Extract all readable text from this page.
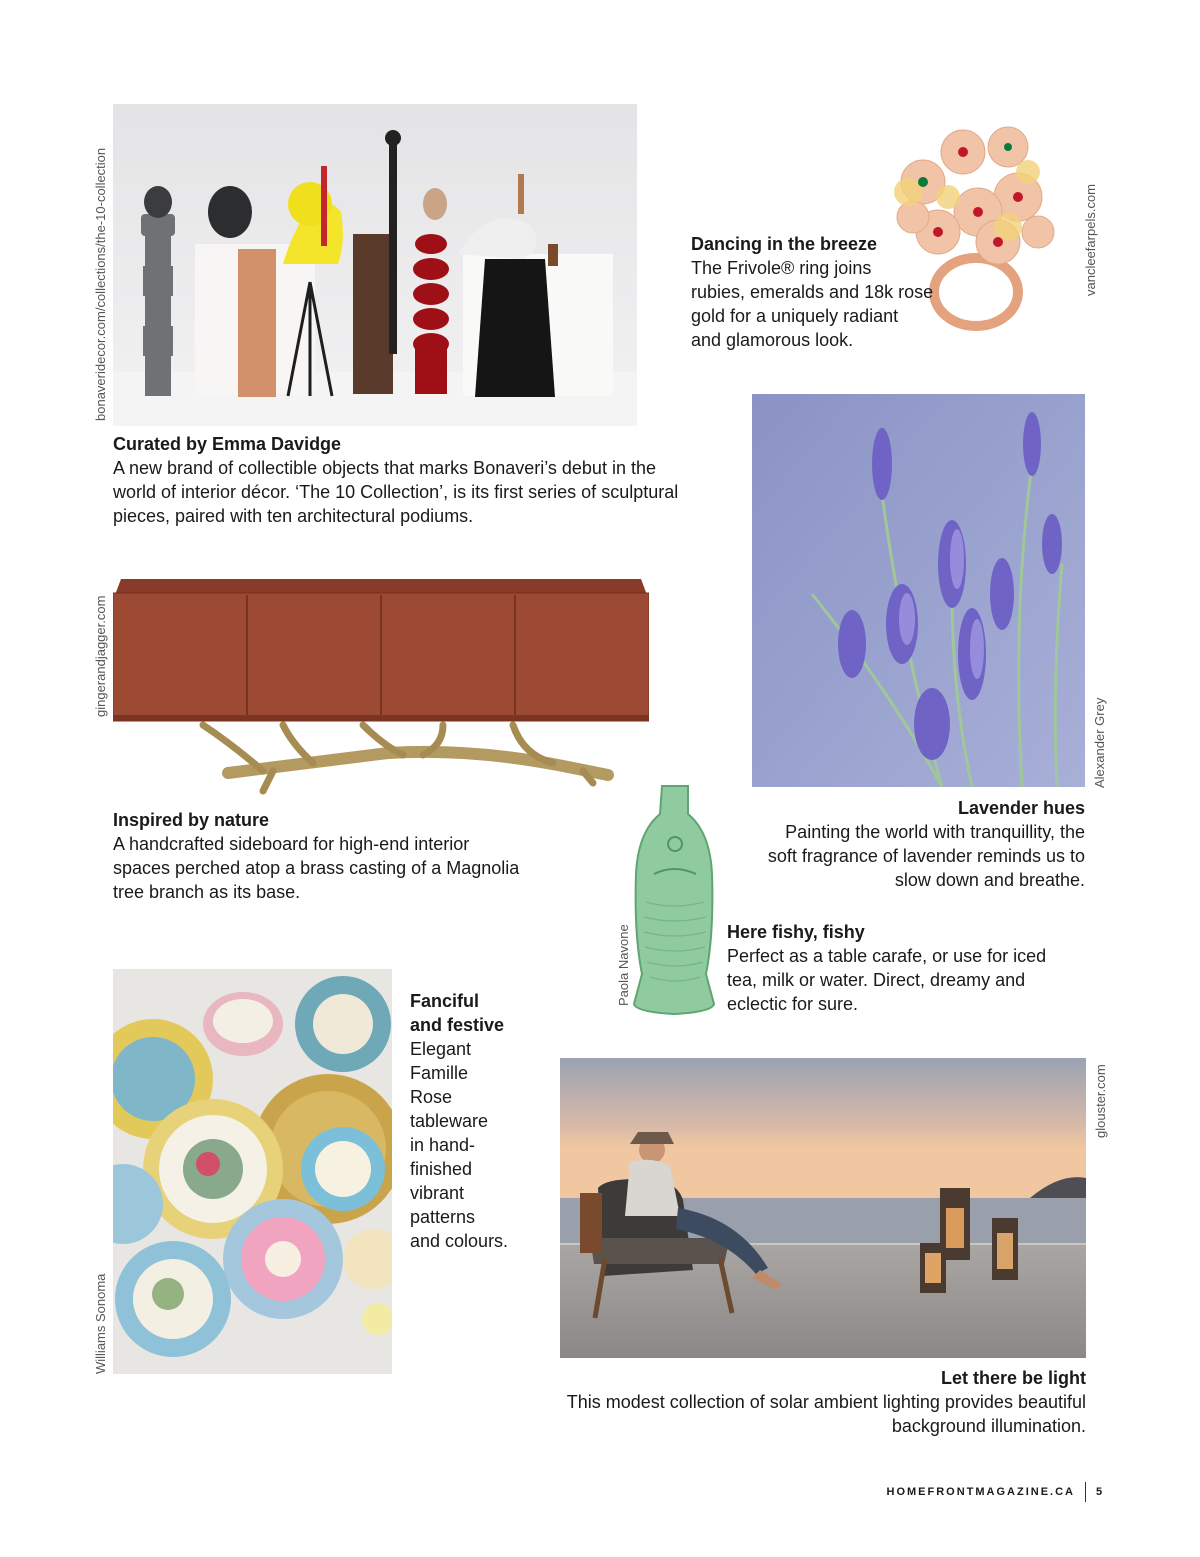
bonaveridecor.com/collections/the-10-collection
Curated by Emma Davidge
A new brand of collectible objects that marks Bonaveri’s debut in the
world of interior décor. ‘The 10 Collection’, is its first series of sculptural
pieces, paired with ten architectural podiums.
vancleefarpels.com
Dancing in the breeze
The Frivole® ring joins
rubies, emeralds and 18k rose
gold for a uniquely radiant
and glamorous look.
gingerandjagger.com
Inspired by nature
A handcrafted sideboard for high-end interior
spaces perched atop a brass casting of a Magnolia
tree branch as its base.
Alexander Grey
Lavender hues
Painting the world with tranquillity, the
soft fragrance of lavender reminds us to
slow down and breathe.
Paola Navone	Here fishy, fishy
Perfect as a table carafe, or use for iced
tea, milk or water. Direct, dreamy and
eclectic for sure.
Williams Sonoma
Fanciful
and festive
Elegant
Famille
Rose
tableware
in hand-
finished
vibrant
patterns
and colours.
glouster.com
Let there be light
This modest collection of solar ambient lighting provides beautiful
background illumination.
HOMEFRONTMAGAZINE.CA 5
